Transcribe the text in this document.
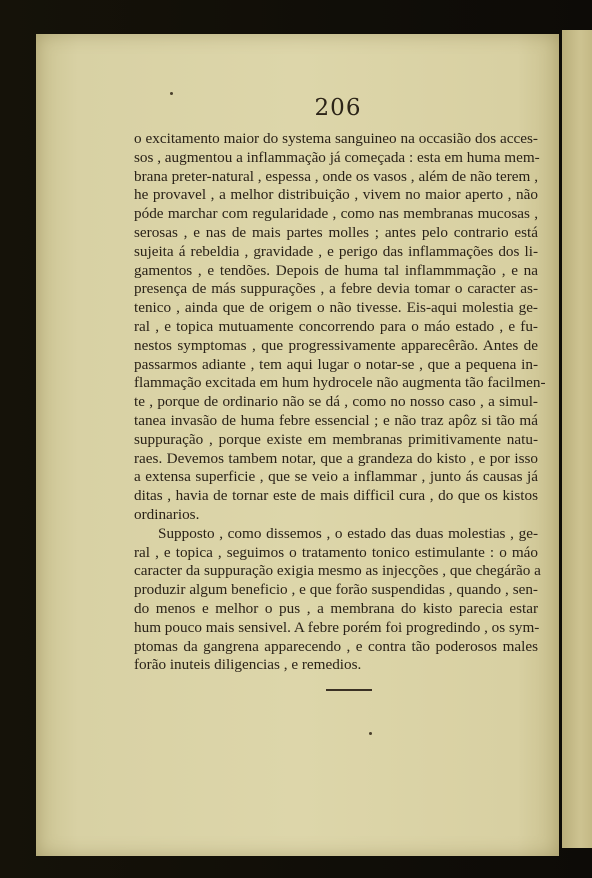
206
o excitamento maior do systema sanguineo na occasião dos acces-
sos , augmentou a inflammação já começada : esta em huma mem-
brana preter-natural , espessa , onde os vasos , além de não terem ,
he provavel , a melhor distribuição , vivem no maior aperto , não
póde marchar com regularidade , como nas membranas mucosas ,
serosas , e nas de mais partes molles ; antes pelo contrario está
sujeita á rebeldia , gravidade , e perigo das inflammações dos li-
gamentos , e tendões. Depois de huma tal inflammmação , e na
presença de más suppurações , a febre devia tomar o caracter as-
tenico , ainda que de origem o não tivesse. Eis-aqui molestia ge-
ral , e topica mutuamente concorrendo para o máo estado , e fu-
nestos symptomas , que progressivamente apparecêrão. Antes de
passarmos adiante , tem aqui lugar o notar-se , que a pequena in-
flammação excitada em hum hydrocele não augmenta tão facilmen-
te , porque de ordinario não se dá , como no nosso caso , a simul-
tanea invasão de huma febre essencial ; e não traz apôz si tão má
suppuração , porque existe em membranas primitivamente natu-
raes. Devemos tambem notar, que a grandeza do kisto , e por isso
a extensa superficie , que se veio a inflammar , junto ás causas já
ditas , havia de tornar este de mais difficil cura , do que os kistos
ordinarios.
Supposto , como dissemos , o estado das duas molestias , ge-
ral , e topica , seguimos o tratamento tonico estimulante : o máo
caracter da suppuração exigia mesmo as injecções , que chegárão a
produzir algum beneficio , e que forão suspendidas , quando , sen-
do menos e melhor o pus , a membrana do kisto parecia estar
hum pouco mais sensivel. A febre porém foi progredindo , os sym-
ptomas da gangrena apparecendo , e contra tão poderosos males
forão inuteis diligencias , e remedios.
